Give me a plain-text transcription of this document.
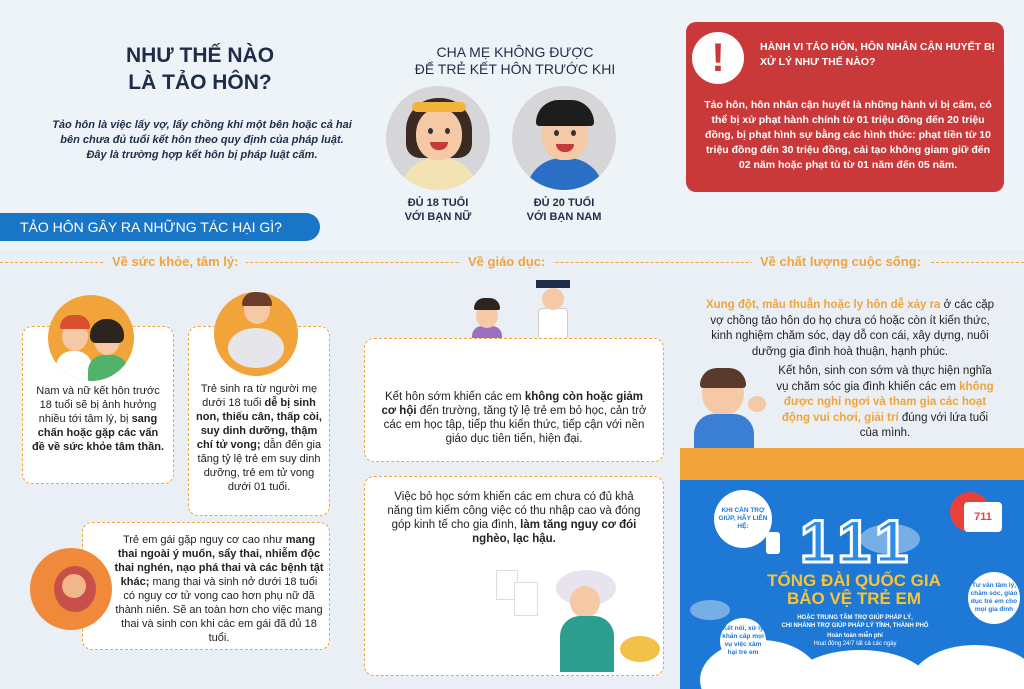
NHƯ THẾ NÀO
LÀ TẢO HÔN?
Tảo hôn là việc lấy vợ, lấy chồng khi một bên hoặc cả hai bên chưa đủ tuổi kết hôn theo quy định của pháp luật. Đây là trường hợp kết hôn bị pháp luật cấm.
CHA MẸ KHÔNG ĐƯỢC
ĐỂ TRẺ KẾT HÔN TRƯỚC KHI
ĐỦ 18 TUỔI
VỚI BẠN NỮ
ĐỦ 20 TUỔI
VỚI BẠN NAM
!	HÀNH VI TẢO HÔN, HÔN NHÂN CẬN HUYẾT BỊ XỬ LÝ NHƯ THẾ NÀO?
Tảo hôn, hôn nhân cận huyết là những hành vi bị cấm, có thể bị xử phạt hành chính từ 01 triệu đồng đến 20 triệu đồng, bị phạt hình sự bằng các hình thức: phạt tiền từ 10 triệu đồng đến 30 triệu đồng, cải tạo không giam giữ đến 02 năm hoặc phạt tù từ 01 năm đến 05 năm.
TẢO HÔN GÂY RA NHỮNG TÁC HẠI GÌ?
Về sức khỏe, tâm lý:	Về giáo dục:	Về chất lượng cuộc sống:
Nam và nữ kết hôn trước 18 tuổi sẽ bị ảnh hưởng nhiều tới tâm lý, bị sang chấn hoặc gặp các vấn đề về sức khỏe tâm thần.
Trẻ sinh ra từ người mẹ dưới 18 tuổi dễ bị sinh non, thiếu cân, thấp còi, suy dinh dưỡng, thậm chí tử vong; dẫn đến gia tăng tỷ lệ trẻ em suy dinh dưỡng, trẻ em tử vong dưới 01 tuổi.
Trẻ em gái gặp nguy cơ cao như mang thai ngoài ý muốn, sẩy thai, nhiễm độc thai nghén, nạo phá thai và các bệnh tật khác; mang thai và sinh nở dưới 18 tuổi có nguy cơ tử vong cao hơn phụ nữ đã thành niên. Sẽ an toàn hơn cho việc mang thai và sinh con khi các em gái đã đủ 18 tuổi.
Kết hôn sớm khiến các em không còn hoặc giảm cơ hội đến trường, tăng tỷ lệ trẻ em bỏ học, cản trở các em học tập, tiếp thu kiến thức, tiếp cận với nền giáo dục tiên tiến, hiện đại.
Việc bỏ học sớm khiến các em chưa có đủ khả năng tìm kiếm công việc có thu nhập cao và đóng góp kinh tế cho gia đình, làm tăng nguy cơ đói nghèo, lạc hậu.
Xung đột, mâu thuẫn hoặc ly hôn dễ xảy ra ở các cặp vợ chồng tảo hôn do họ chưa có hoặc còn ít kiến thức, kinh nghiệm chăm sóc, dạy dỗ con cái, xây dựng, nuôi dưỡng gia đình hoà thuận, hạnh phúc.
Kết hôn, sinh con sớm và thực hiện nghĩa vụ chăm sóc gia đình khiến các em không được nghỉ ngơi và tham gia các hoạt động vui chơi, giải trí đúng với lứa tuổi của mình.
KHI CẦN TRỢ GIÚP, HÃY LIÊN HỆ:
Tư vấn tâm lý, chăm sóc, giáo dục trẻ em cho mọi gia đình
Kết nối, xử lý khẩn cấp mọi vụ việc xâm hại trẻ em
1 1 1
TỔNG ĐÀI QUỐC GIA
BẢO VỆ TRẺ EM
HOẶC TRUNG TÂM TRỢ GIÚP PHÁP LÝ,
CHI NHÁNH TRỢ GIÚP PHÁP LÝ TỈNH, THÀNH PHỐ
Hoàn toàn miễn phí
Hoạt động 24/7 tất cả các ngày
711
